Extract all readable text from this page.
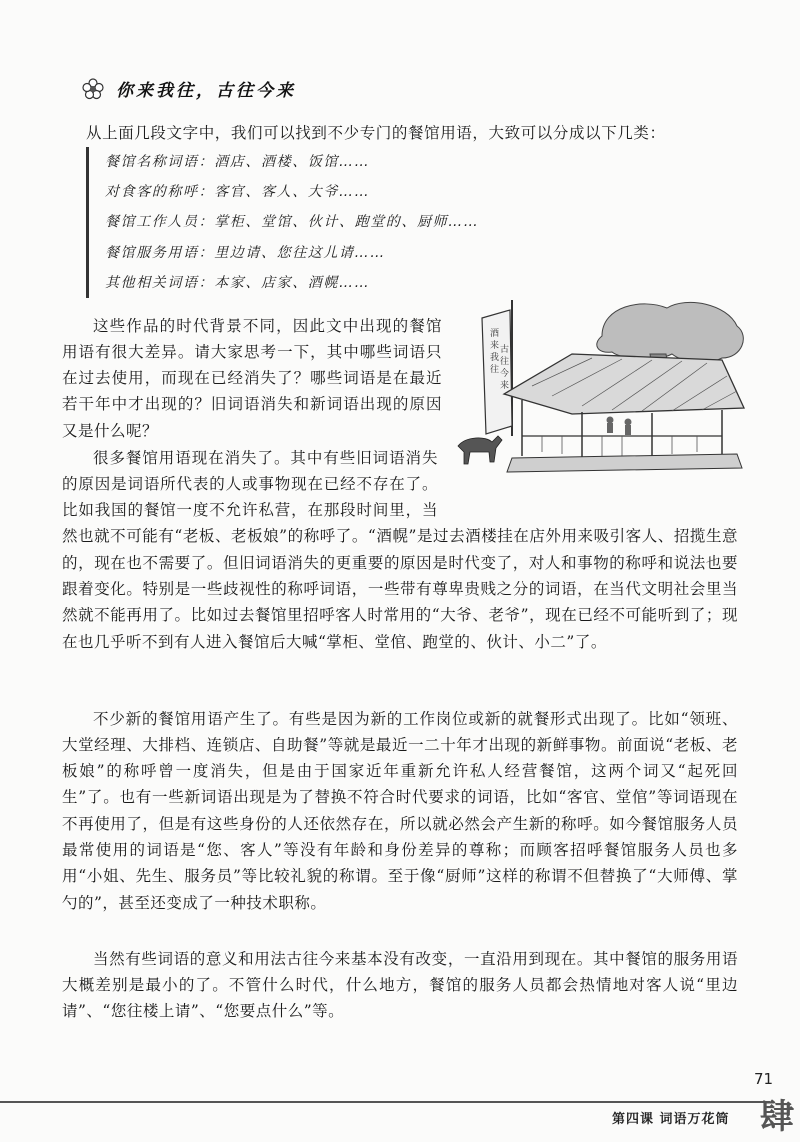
你来我往，古往今来
从上面几段文字中，我们可以找到不少专门的餐馆用语，大致可以分成以下几类：
餐馆名称词语：酒店、酒楼、饭馆……
对食客的称呼：客官、客人、大爷……
餐馆工作人员：掌柜、堂馆、伙计、跑堂的、厨师……
餐馆服务用语：里边请、您往这儿请……
其他相关词语：本家、店家、酒幌……

这些作品的时代背景不同，因此文中出现的餐馆用语有很大差异。请大家思考一下，其中哪些词语只在过去使用，而现在已经消失了？哪些词语是在最近若干年中才出现的？旧词语消失和新词语出现的原因又是什么呢？

酒来我往 古往今来

很多餐馆用语现在消失了。其中有些旧词语消失的原因是词语所代表的人或事物现在已经不存在了。比如我国的餐馆一度不允许私营，在那段时间里，当然也就不可能有“老板、老板娘”的称呼了。“酒幌”是过去酒楼挂在店外用来吸引客人、招揽生意的，现在也不需要了。但旧词语消失的更重要的原因是时代变了，对人和事物的称呼和说法也要跟着变化。特别是一些歧视性的称呼词语，一些带有尊卑贵贱之分的词语，在当代文明社会里当然就不能再用了。比如过去餐馆里招呼客人时常用的“大爷、老爷”，现在已经不可能听到了；现在也几乎听不到有人进入餐馆后大喊“掌柜、堂倌、跑堂的、伙计、小二”了。

不少新的餐馆用语产生了。有些是因为新的工作岗位或新的就餐形式出现了。比如“领班、大堂经理、大排档、连锁店、自助餐”等就是最近一二十年才出现的新鲜事物。前面说“老板、老板娘”的称呼曾一度消失，但是由于国家近年重新允许私人经营餐馆，这两个词又“起死回生”了。也有一些新词语出现是为了替换不符合时代要求的词语，比如“客官、堂倌”等词语现在不再使用了，但是有这些身份的人还依然存在，所以就必然会产生新的称呼。如今餐馆服务人员最常使用的词语是“您、客人”等没有年龄和身份差异的尊称；而顾客招呼餐馆服务人员也多用“小姐、先生、服务员”等比较礼貌的称谓。至于像“厨师”这样的称谓不但替换了“大师傅、掌勺的”，甚至还变成了一种技术职称。

当然有些词语的意义和用法古往今来基本没有改变，一直沿用到现在。其中餐馆的服务用语大概差别是最小的了。不管什么时代，什么地方，餐馆的服务人员都会热情地对客人说“里边请”、“您往楼上请”、“您要点什么”等。

71
第四课 词语万花筒 肆
